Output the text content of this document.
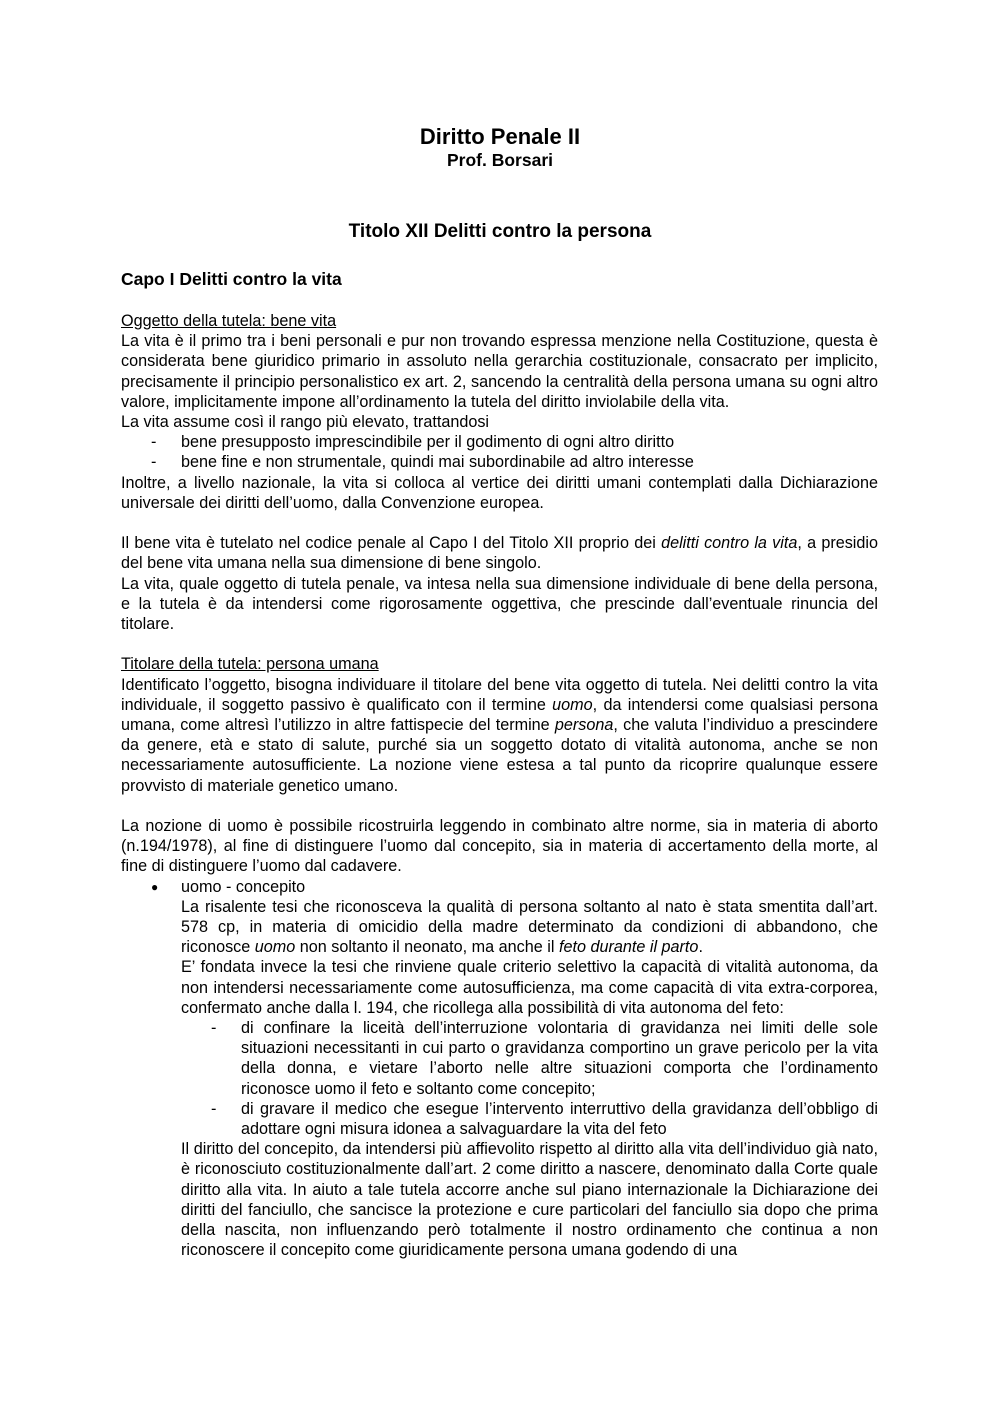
Diritto Penale II
Prof. Borsari
Titolo XII Delitti contro la persona
Capo I Delitti contro la vita

Oggetto della tutela: bene vita

La vita è il primo tra i beni personali e pur non trovando espressa menzione nella Costituzione, questa è considerata bene giuridico primario in assoluto nella gerarchia costituzionale, consacrato per implicito, precisamente il principio personalistico ex art. 2, sancendo la centralità della persona umana su ogni altro valore, implicitamente impone all’ordinamento la tutela del diritto inviolabile della vita.

La vita assume così il rango più elevato, trattandosi

- bene presupposto imprescindibile per il godimento di ogni altro diritto
- bene fine e non strumentale, quindi mai subordinabile ad altro interesse

Inoltre, a livello nazionale, la vita si colloca al vertice dei diritti umani contemplati dalla Dichiarazione universale dei diritti dell’uomo, dalla Convenzione europea.

Il bene vita è tutelato nel codice penale al Capo I del Titolo XII proprio dei delitti contro la vita, a presidio del bene vita umana nella sua dimensione di bene singolo.

La vita, quale oggetto di tutela penale, va intesa nella sua dimensione individuale di bene della persona, e la tutela è da intendersi come rigorosamente oggettiva, che prescinde dall’eventuale rinuncia del titolare.

Titolare della tutela: persona umana

Identificato l’oggetto, bisogna individuare il titolare del bene vita oggetto di tutela. Nei delitti contro la vita individuale, il soggetto passivo è qualificato con il termine uomo, da intendersi come qualsiasi persona umana, come altresì l’utilizzo in altre fattispecie del termine persona, che valuta l’individuo a prescindere da genere, età e stato di salute, purché sia un soggetto dotato di vitalità autonoma, anche se non necessariamente autosufficiente. La nozione viene estesa a tal punto da ricoprire qualunque essere provvisto di materiale genetico umano.

La nozione di uomo è possibile ricostruirla leggendo in combinato altre norme, sia in materia di aborto (n.194/1978), al fine di distinguere l’uomo dal concepito, sia in materia di accertamento della morte, al fine di distinguere l’uomo dal cadavere.

● uomo - concepito

La risalente tesi che riconosceva la qualità di persona soltanto al nato è stata smentita dall’art. 578 cp, in materia di omicidio della madre determinato da condizioni di abbandono, che riconosce uomo non soltanto il neonato, ma anche il feto durante il parto.

E’ fondata invece la tesi che rinviene quale criterio selettivo la capacità di vitalità autonoma, da non intendersi necessariamente come autosufficienza, ma come capacità di vita extra-corporea, confermato anche dalla l. 194, che ricollega alla possibilità di vita autonoma del feto:

- di confinare la liceità dell’interruzione volontaria di gravidanza nei limiti delle sole situazioni necessitanti in cui parto o gravidanza comportino un grave pericolo per la vita della donna, e vietare l’aborto nelle altre situazioni comporta che l’ordinamento riconosce uomo il feto e soltanto come concepito;
- di gravare il medico che esegue l’intervento interruttivo della gravidanza dell’obbligo di adottare ogni misura idonea a salvaguardare la vita del feto

Il diritto del concepito, da intendersi più affievolito rispetto al diritto alla vita dell’individuo già nato, è riconosciuto costituzionalmente dall’art. 2 come diritto a nascere, denominato dalla Corte quale diritto alla vita. In aiuto a tale tutela accorre anche sul piano internazionale la Dichiarazione dei diritti del fanciullo, che sancisce la protezione e cure particolari del fanciullo sia dopo che prima della nascita, non influenzando però totalmente il nostro ordinamento che continua a non riconoscere il concepito come giuridicamente persona umana godendo di una
